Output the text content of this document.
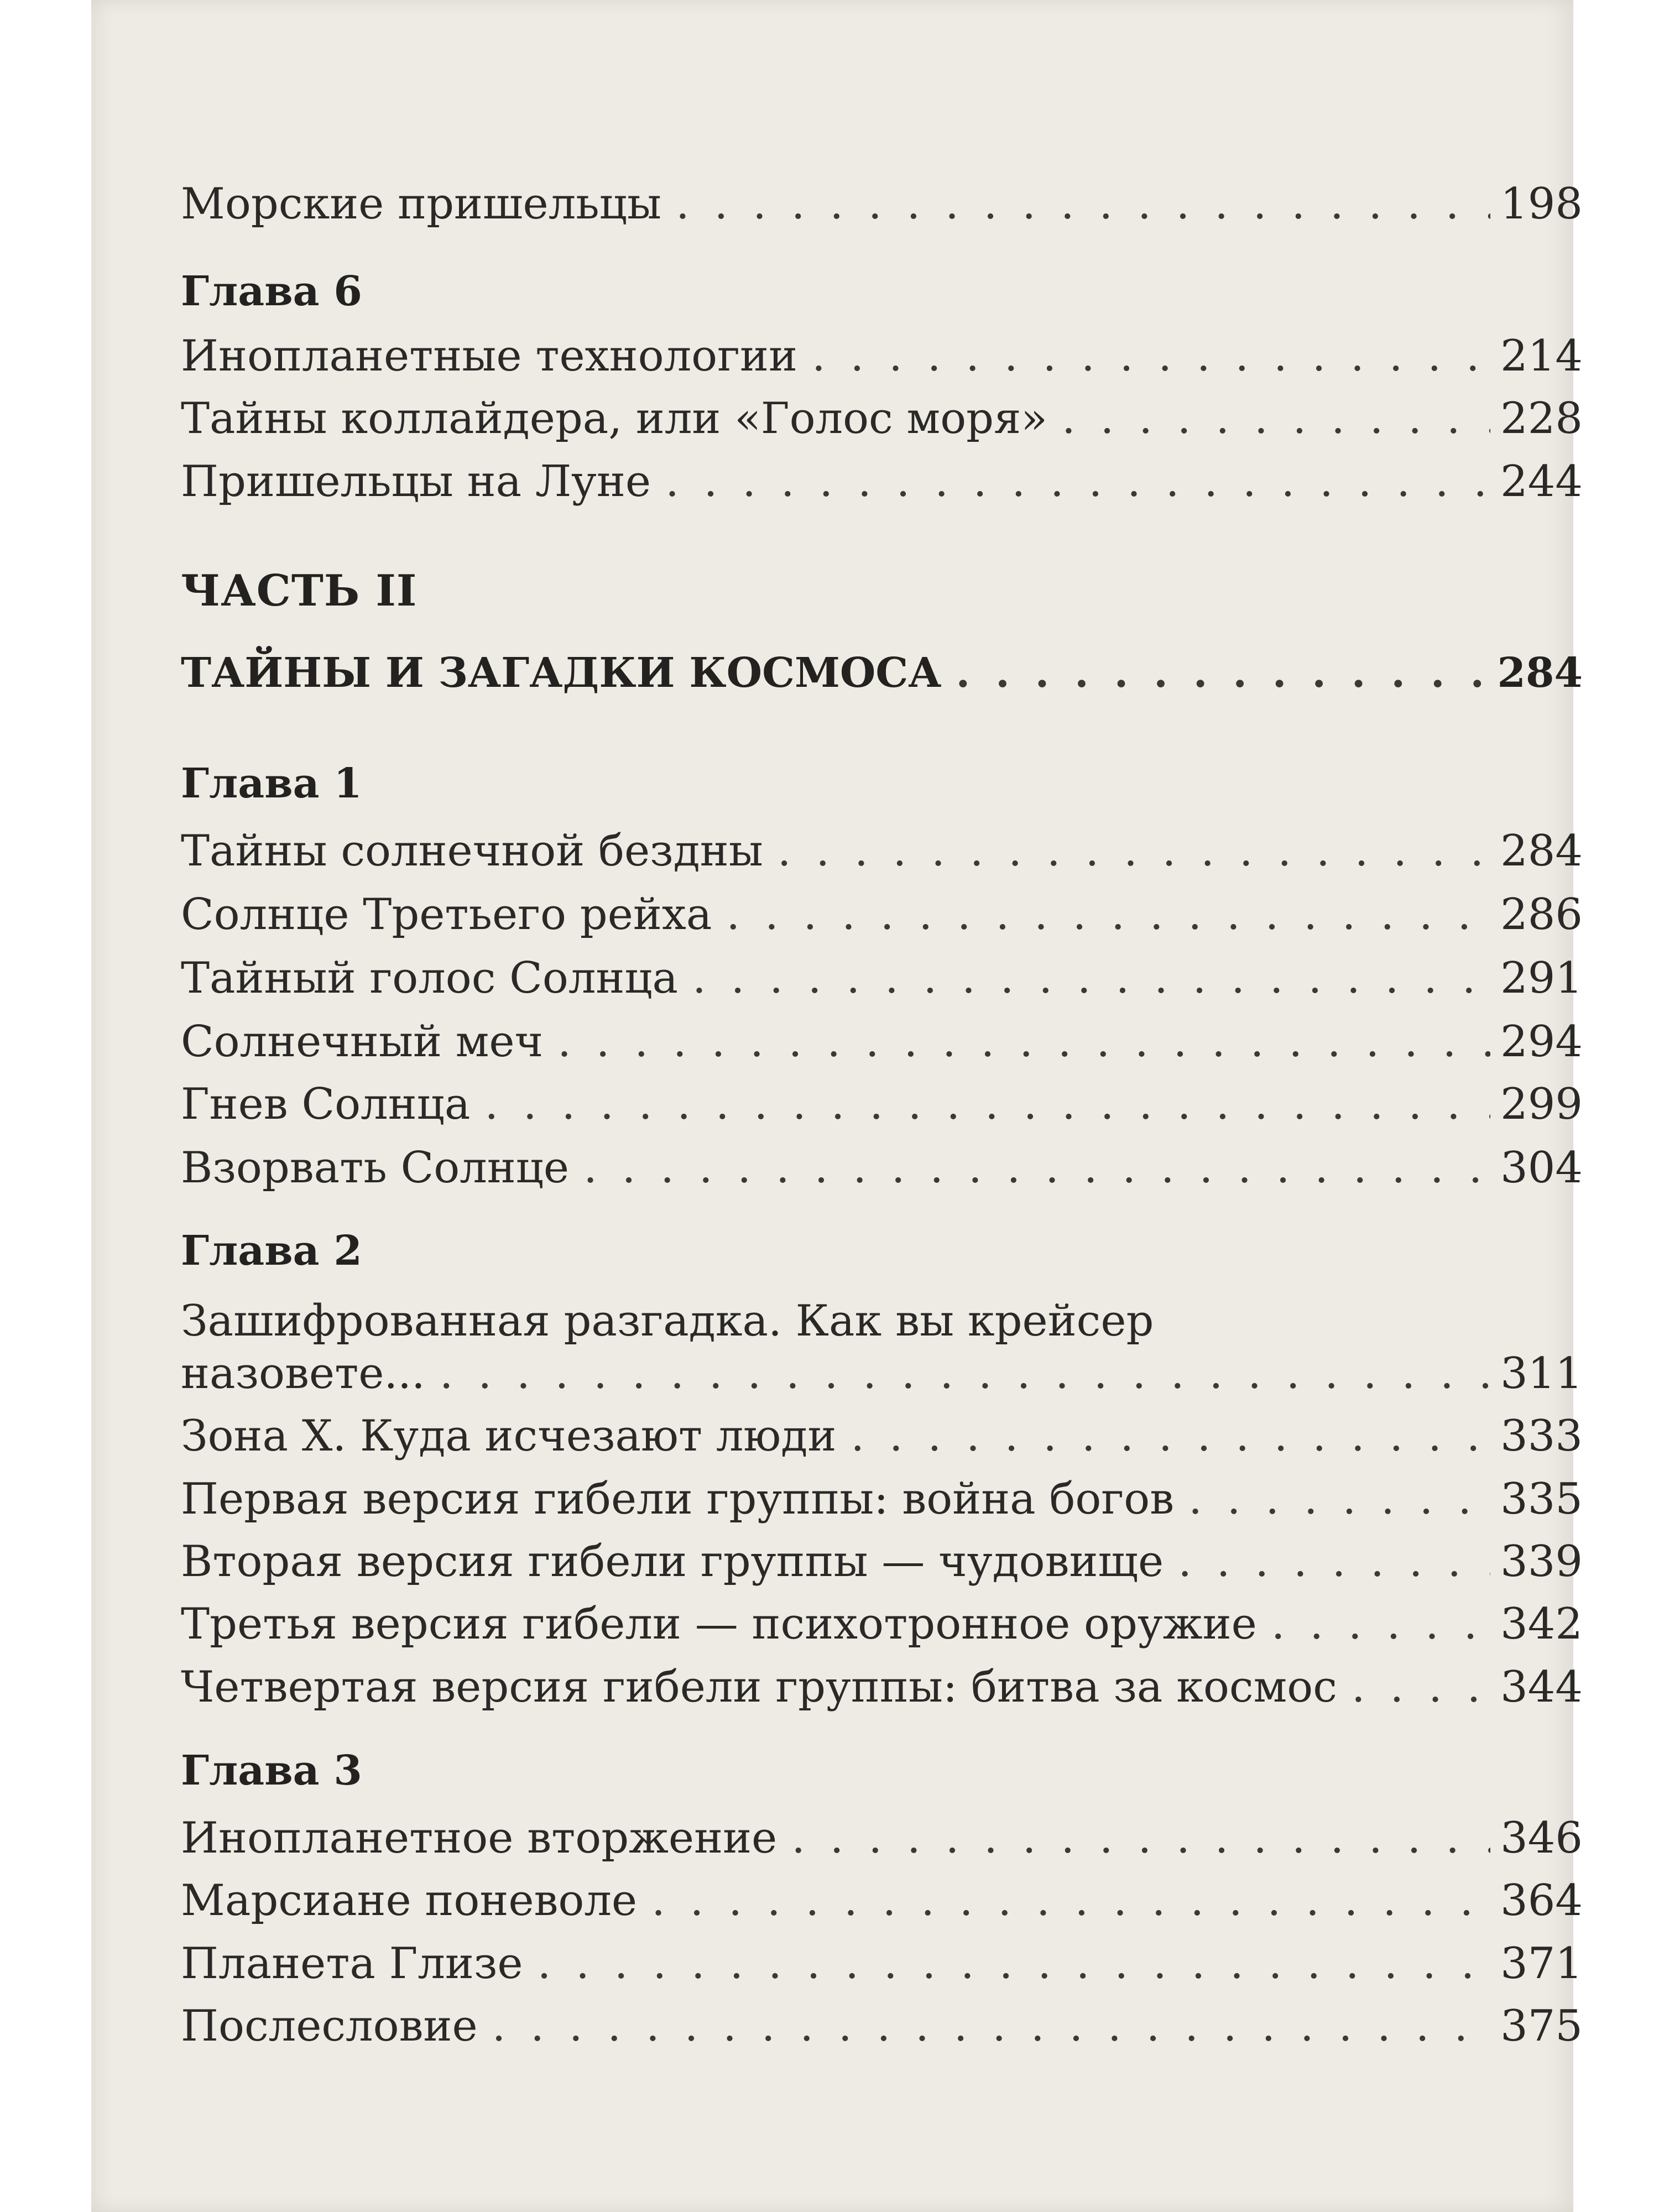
Морские пришельцы . . .	198
Глава 6
Инопланетные технологии . . .	214
Тайны коллайдера, или «Голос моря» . . .	228
Пришельцы на Луне . . .	244
ЧАСТЬ II
ТАЙНЫ И ЗАГАДКИ КОСМОСА . . .	284
Глава 1
Тайны солнечной бездны . . .	284
Солнце Третьего рейха . . .	286
Тайный голос Солнца . . .	291
Солнечный меч . . .	294
Гнев Солнца . . .	299
Взорвать Солнце . . .	304
Глава 2
Зашифрованная разгадка. Как вы крейсер
назовете... . . .	311
Зона X. Куда исчезают люди . . .	333
Первая версия гибели группы: война богов . . .	335
Вторая версия гибели группы — чудовище . . .	339
Третья версия гибели — психотронное оружие . . .	342
Четвертая версия гибели группы: битва за космос . . .	344
Глава 3
Инопланетное вторжение . . .	346
Марсиане поневоле . . .	364
Планета Глизе . . .	371
Послесловие . . .	375
